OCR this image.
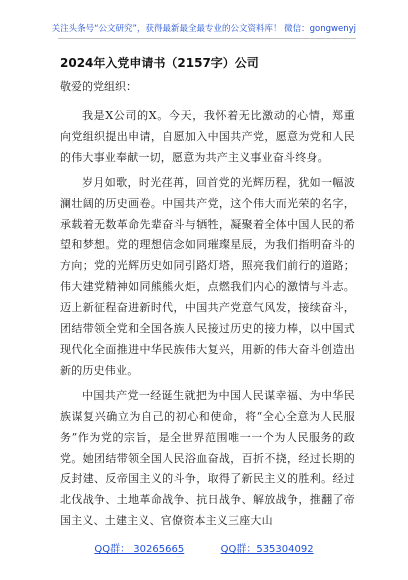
关注头条号“公文研究”，获得最新最全最专业的公文资料库！ 微信：gongwenyj
2024年入党申请书（2157字）公司
敬爱的党组织：

我是X公司的X。今天，我怀着无比激动的心情，郑重向党组织提出申请，自愿加入中国共产党，愿意为党和人民的伟大事业奉献一切，愿意为共产主义事业奋斗终身。

岁月如歌，时光荏苒，回首党的光辉历程，犹如一幅波澜壮阔的历史画卷。中国共产党，这个伟大而光荣的名字，承载着无数革命先辈奋斗与牺牲，凝聚着全体中国人民的希望和梦想。党的理想信念如同璀璨星辰，为我们指明奋斗的方向；党的光辉历史如同引路灯塔，照亮我们前行的道路；伟大建党精神如同熊熊火炬，点燃我们内心的激情与斗志。迈上新征程奋进新时代，中国共产党意气风发，接续奋斗，团结带领全党和全国各族人民接过历史的接力棒，以中国式现代化全面推进中华民族伟大复兴，用新的伟大奋斗创造出新的历史伟业。

中国共产党一经诞生就把为中国人民谋幸福、为中华民族谋复兴确立为自己的初心和使命，将“全心全意为人民服务”作为党的宗旨，是全世界范围唯一一个为人民服务的政党。她团结带领全国人民浴血奋战，百折不挠，经过长期的反封建、反帝国主义的斗争，取得了新民主义的胜利。经过北伐战争、土地革命战争、抗日战争、解放战争，推翻了帝国主义、土建主义、官僚资本主义三座大山

QQ群： 30265665	QQ群：535304092
